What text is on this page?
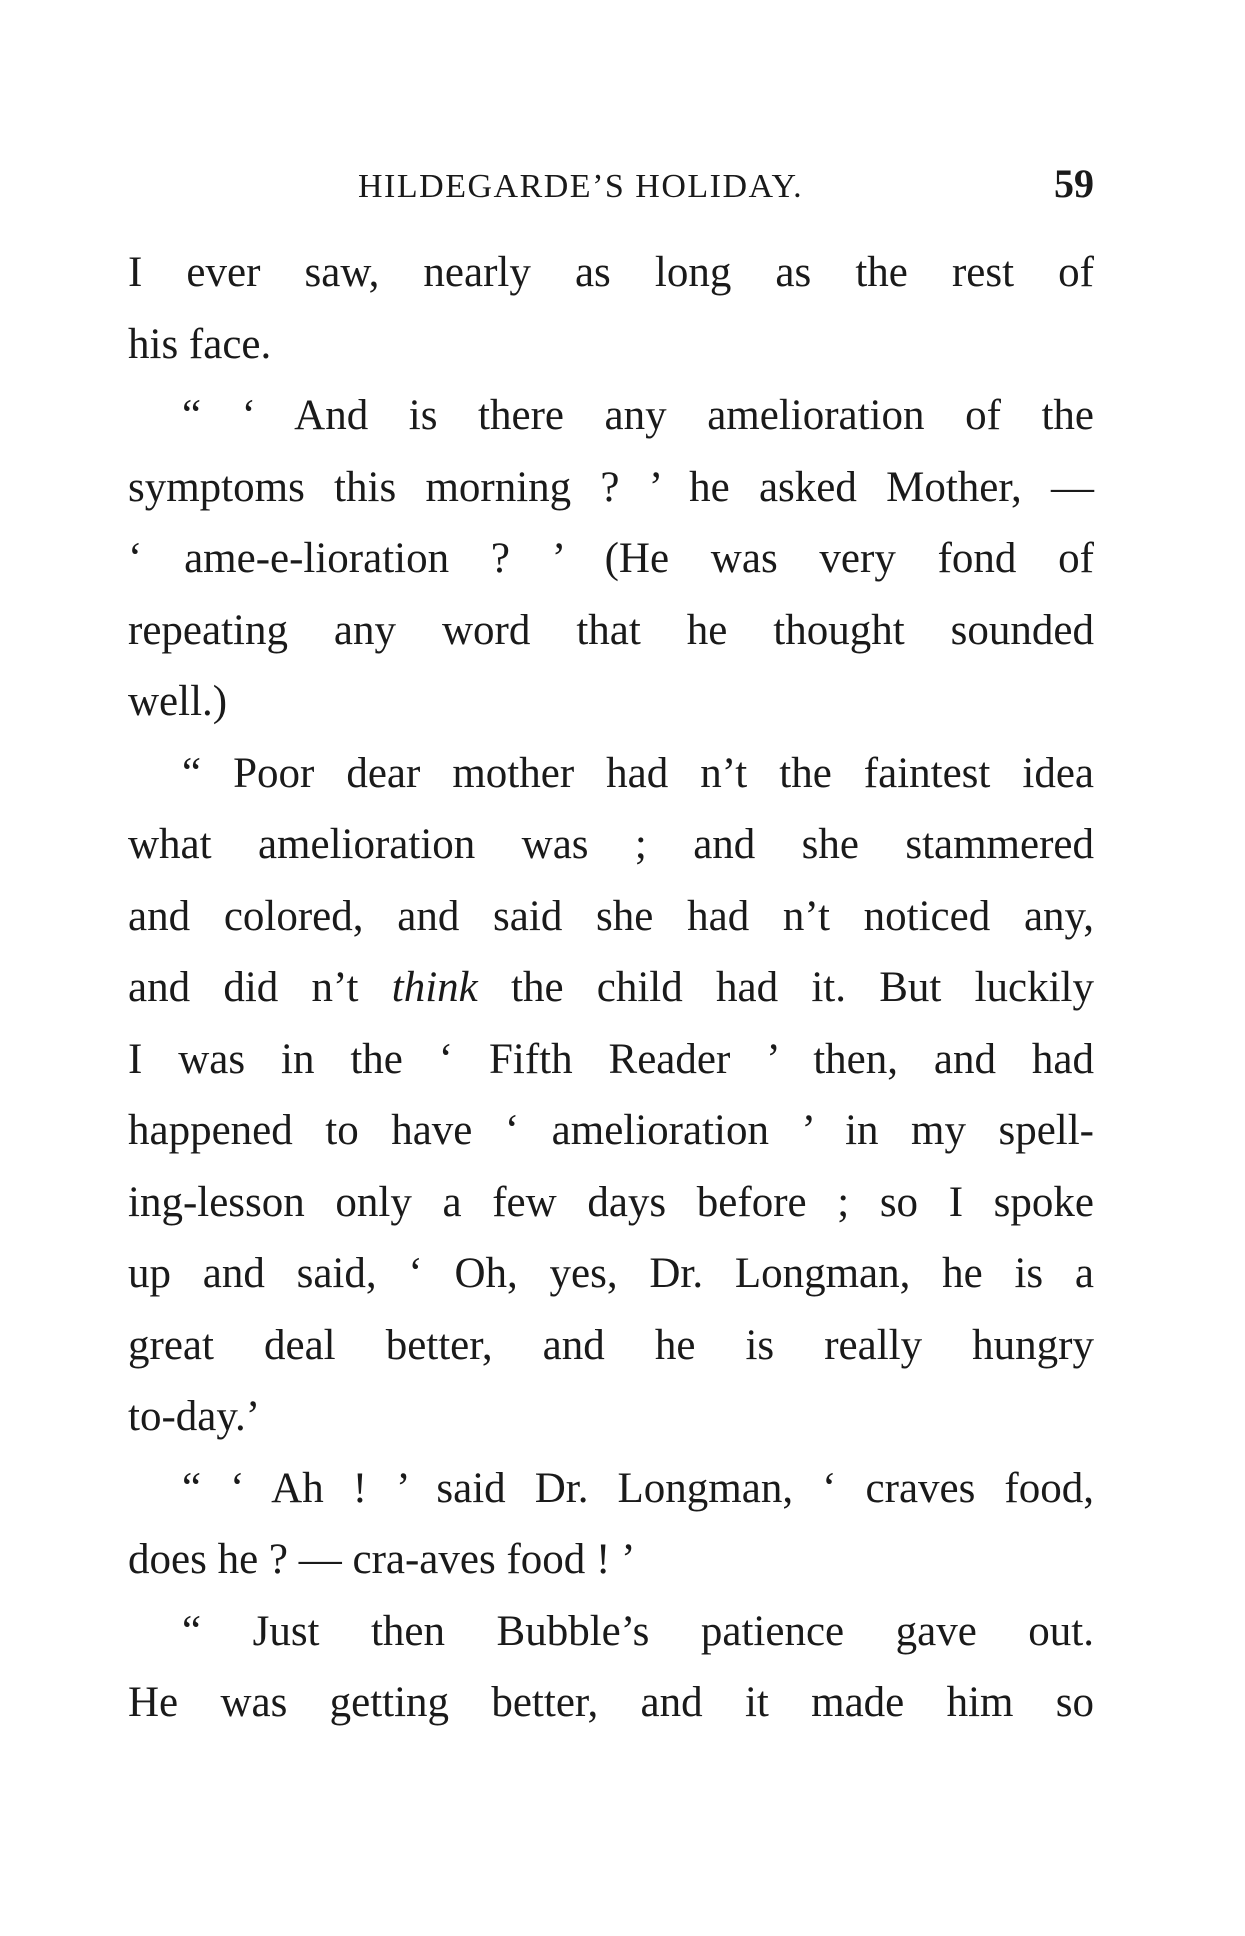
HILDEGARDE’S HOLIDAY.	59
I ever saw, nearly as long as the rest of
his face.
“ ‘ And is there any amelioration of the
symptoms this morning ? ’ he asked Mother, —
‘ ame-e-lioration ? ’ (He was very fond of
repeating any word that he thought sounded
well.)
“ Poor dear mother had n’t the faintest idea
what amelioration was ; and she stammered
and colored, and said she had n’t noticed any,
and did n’t think the child had it. But luckily
I was in the ‘ Fifth Reader ’ then, and had
happened to have ‘ amelioration ’ in my spell-
ing-lesson only a few days before ; so I spoke
up and said, ‘ Oh, yes, Dr. Longman, he is a
great deal better, and he is really hungry
to-day.’
“ ‘ Ah ! ’ said Dr. Longman, ‘ craves food,
does he ? — cra-aves food ! ’
“ Just then Bubble’s patience gave out.
He was getting better, and it made him so
